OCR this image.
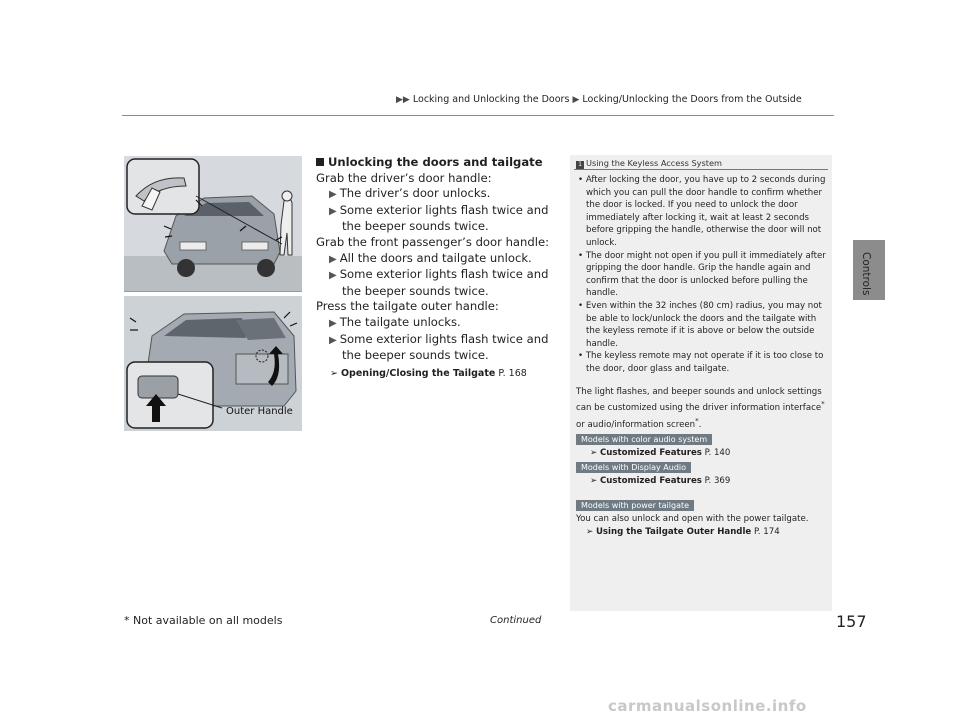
▶▶ Locking and Unlocking the Doors ▶ Locking/Unlocking the Doors from the Outside
Controls
Outer Handle
Unlocking the doors and tailgate
Grab the driver’s door handle:
▶ The driver’s door unlocks.
▶ Some exterior lights flash twice and the beeper sounds twice.
Grab the front passenger’s door handle:
▶ All the doors and tailgate unlock.
▶ Some exterior lights flash twice and the beeper sounds twice.
Press the tailgate outer handle:
▶ The tailgate unlocks.
▶ Some exterior lights flash twice and the beeper sounds twice.
➢ Opening/Closing the Tailgate P. 168
1 Using the Keyless Access System
• After locking the door, you have up to 2 seconds during which you can pull the door handle to confirm whether the door is locked. If you need to unlock the door immediately after locking it, wait at least 2 seconds before gripping the handle, otherwise the door will not unlock.
• The door might not open if you pull it immediately after gripping the door handle. Grip the handle again and confirm that the door is unlocked before pulling the handle.
• Even within the 32 inches (80 cm) radius, you may not be able to lock/unlock the doors and the tailgate with the keyless remote if it is above or below the outside handle.
• The keyless remote may not operate if it is too close to the door, door glass and tailgate.
The light flashes, and beeper sounds and unlock settings can be customized using the driver information interface* or audio/information screen*.
Models with color audio system
➢ Customized Features P. 140
Models with Display Audio
➢ Customized Features P. 369
Models with power tailgate
You can also unlock and open with the power tailgate.
➢ Using the Tailgate Outer Handle P. 174
Continued	157
* Not available on all models
carmanualsonline.info
